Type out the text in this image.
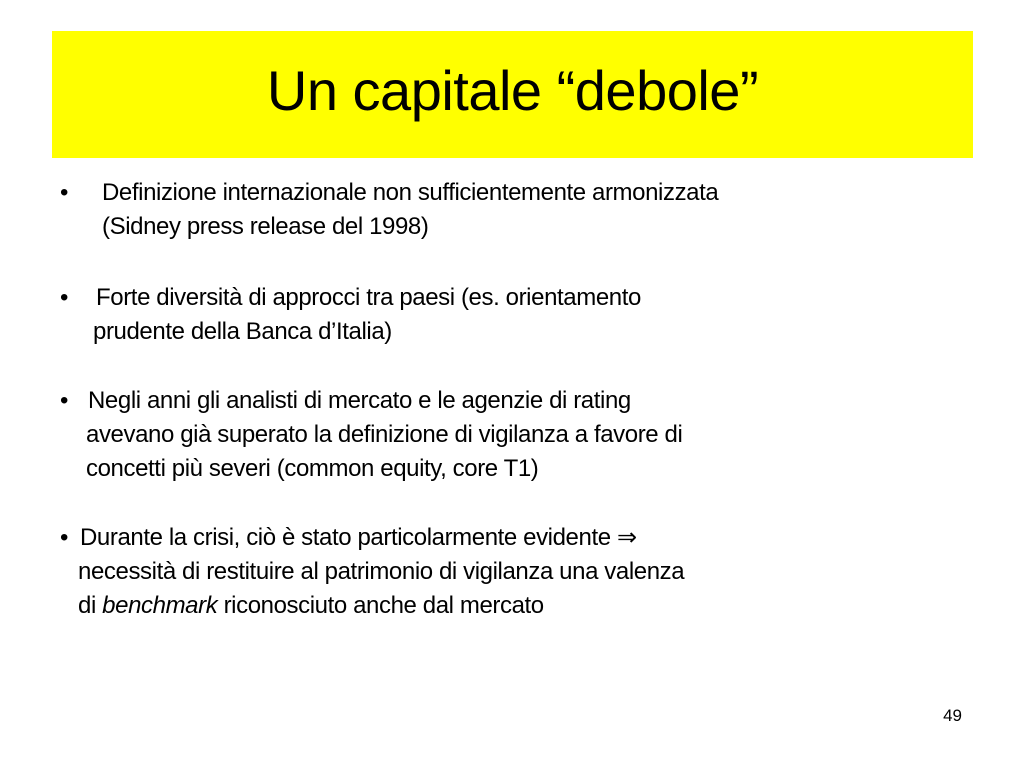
Un capitale “debole”
• Definizione internazionale non sufficientemente armonizzata
(Sidney press release del 1998)
• Forte diversità di approcci tra paesi (es. orientamento
prudente della Banca d’Italia)
• Negli anni gli analisti di mercato e le agenzie di rating
avevano già superato la definizione di vigilanza a favore di
concetti più severi (common equity, core T1)
• Durante la crisi, ciò è stato particolarmente evidente ⇒
necessità di restituire al patrimonio di vigilanza una valenza
di benchmark riconosciuto anche dal mercato
49
